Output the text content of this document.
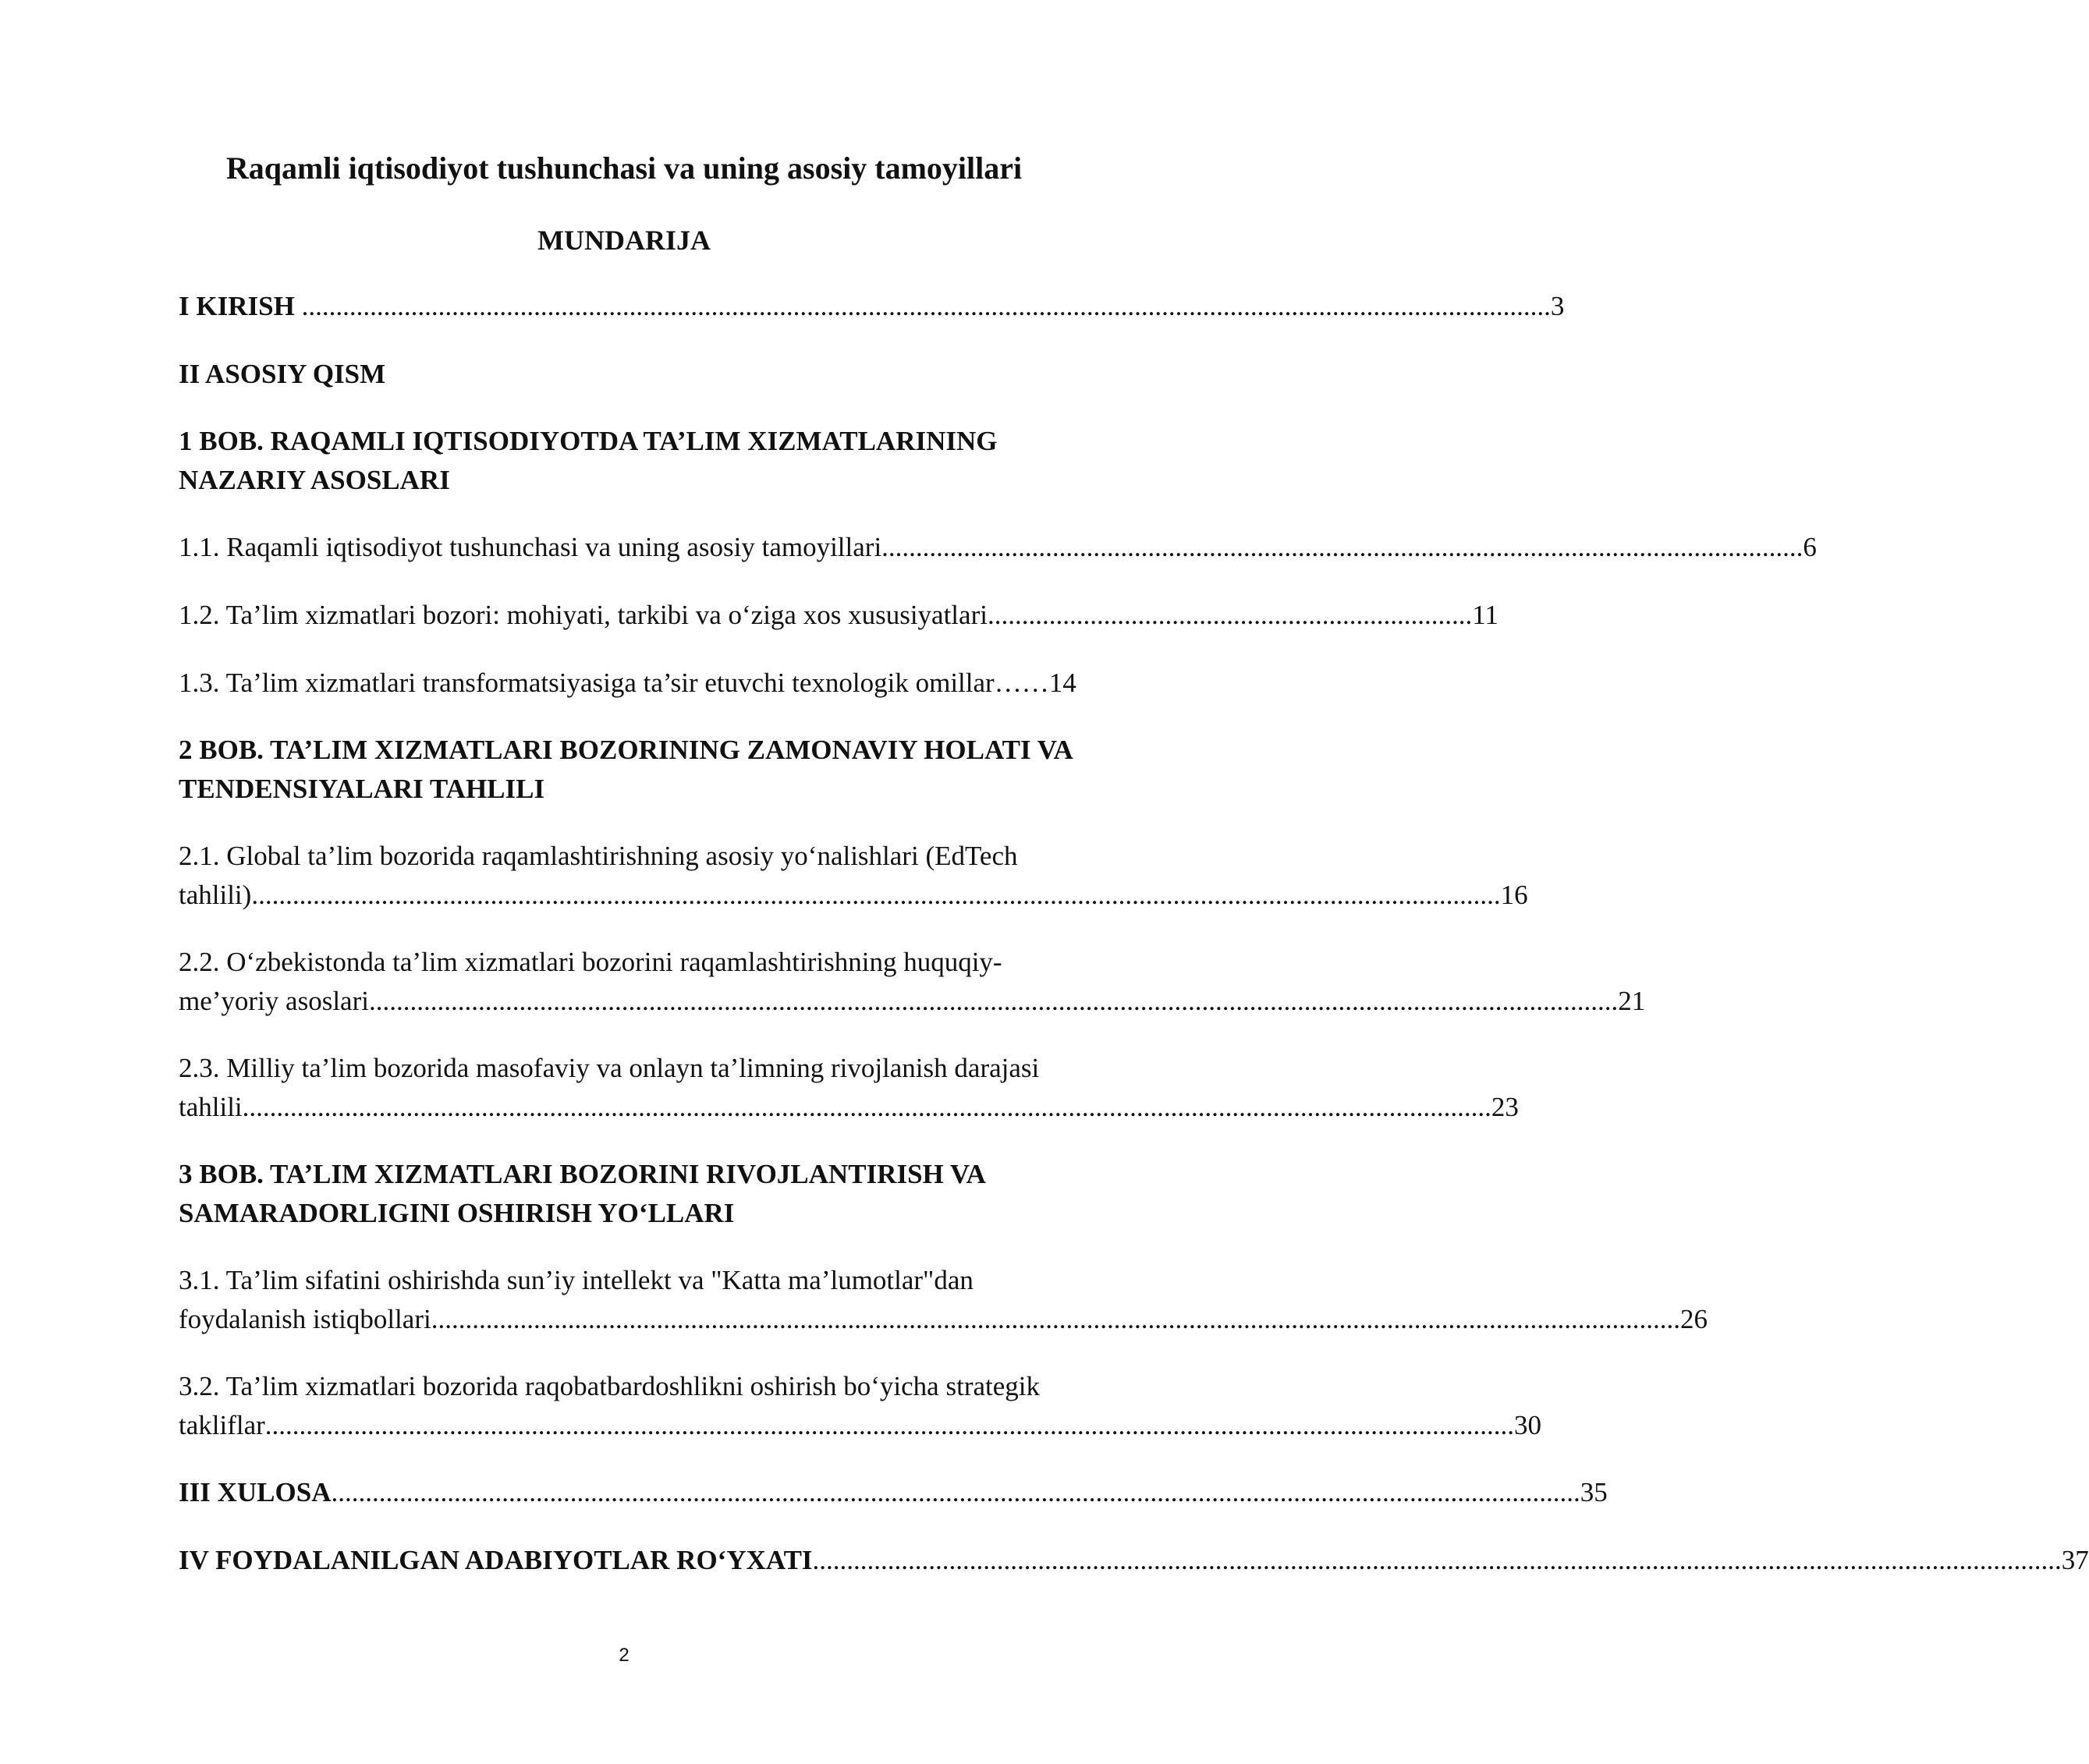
Raqamli iqtisodiyot tushunchasi va uning asosiy tamoyillari
MUNDARIJA
I KIRISH ....................................................................................................................................................................................... 3
II ASOSIY QISM
1 BOB. RAQAMLI IQTISODIYOTDA TA’LIM XIZMATLARINING
NAZARIY ASOSLARI
1.1. Raqamli iqtisodiyot tushunchasi va uning asosiy tamoyillari ....................................................................................................................................... 6
1.2. Ta’lim xizmatlari bozori: mohiyati, tarkibi va o‘ziga xos xususiyatlari ....................................................................... 11
1.3. Ta’lim xizmatlari transformatsiyasiga ta’sir etuvchi texnologik omillar …… 14
2 BOB. TA’LIM XIZMATLARI BOZORINING ZAMONAVIY HOLATI VA
TENDENSIYALARI TAHLILI
2.1. Global ta’lim bozorida raqamlashtirishning asosiy yo‘nalishlari (EdTech
tahlili) ....................................................................................................................................................................................... 16
2.2. O‘zbekistonda ta’lim xizmatlari bozorini raqamlashtirishning huquqiy-
me’yoriy asoslari ....................................................................................................................................................................................... 21
2.3. Milliy ta’lim bozorida masofaviy va onlayn ta’limning rivojlanish darajasi
tahlili ....................................................................................................................................................................................... 23
3 BOB. TA’LIM XIZMATLARI BOZORINI RIVOJLANTIRISH VA
SAMARADORLIGINI OSHIRISH YO‘LLARI
3.1. Ta’lim sifatini oshirishda sun’iy intellekt va "Katta ma’lumotlar"dan
foydalanish istiqbollari ....................................................................................................................................................................................... 26
3.2. Ta’lim xizmatlari bozorida raqobatbardoshlikni oshirish bo‘yicha strategik
takliflar ....................................................................................................................................................................................... 30
III XULOSA ....................................................................................................................................................................................... 35
IV FOYDALANILGAN ADABIYOTLAR RO‘YXATI ....................................................................................................................................................................................... 37
2
